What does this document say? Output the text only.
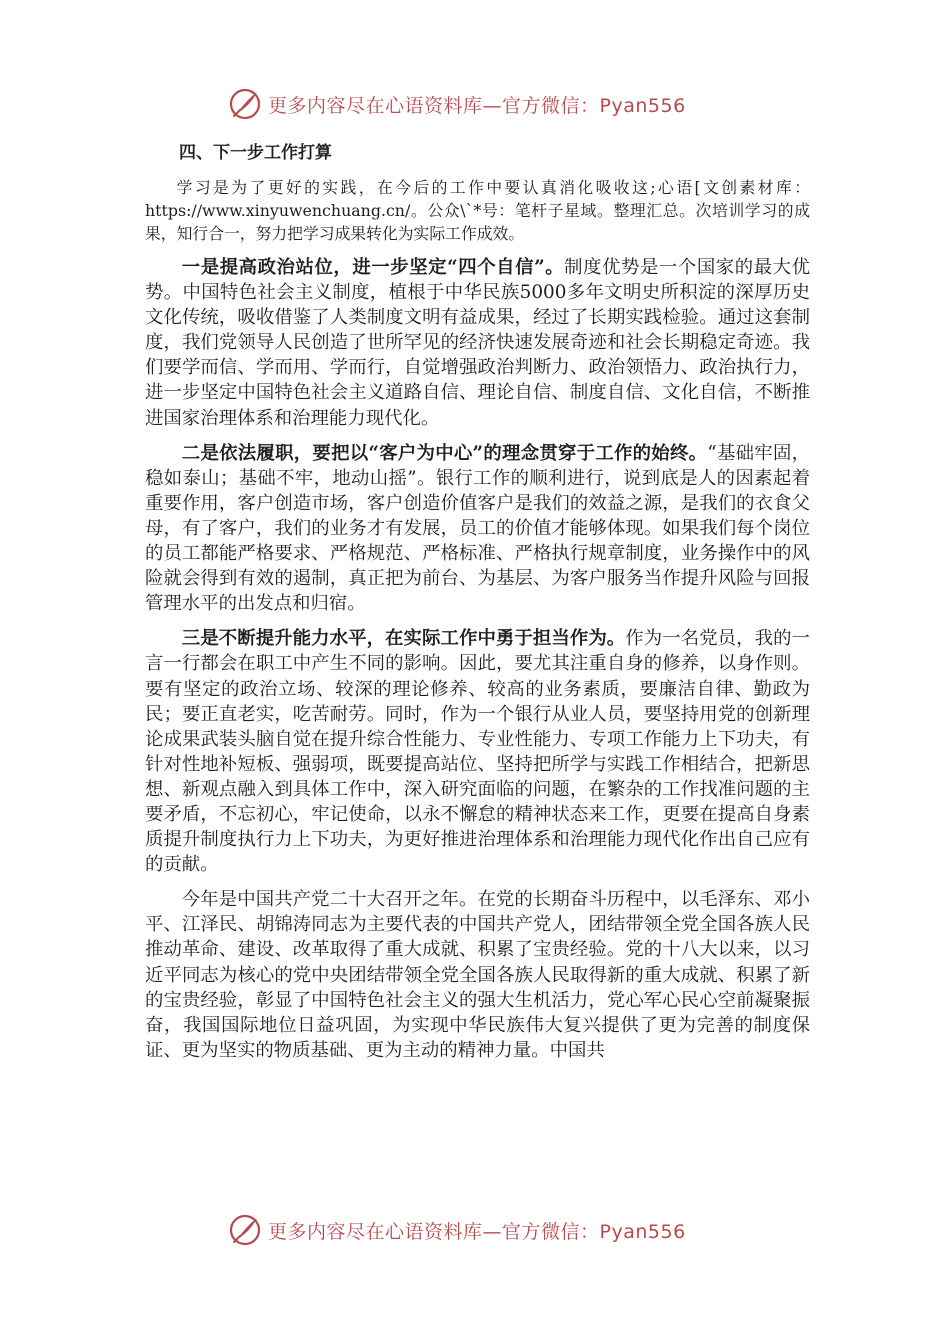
更多内容尽在心语资料库—官方微信：Pyan556
四、下一步工作打算

学习是为了更好的实践，在今后的工作中要认真消化吸收这;心语[文创素材库：https://www.xinyuwenchuang.cn/。公众\`*号：笔杆子星域。整理汇总。次培训学习的成果，知行合一，努力把学习成果转化为实际工作成效。

一是提高政治站位，进一步坚定“四个自信”。制度优势是一个国家的最大优势。中国特色社会主义制度，植根于中华民族5000多年文明史所积淀的深厚历史文化传统，吸收借鉴了人类制度文明有益成果，经过了长期实践检验。通过这套制度，我们党领导人民创造了世所罕见的经济快速发展奇迹和社会长期稳定奇迹。我们要学而信、学而用、学而行，自觉增强政治判断力、政治领悟力、政治执行力，进一步坚定中国特色社会主义道路自信、理论自信、制度自信、文化自信，不断推进国家治理体系和治理能力现代化。

二是依法履职，要把以“客户为中心”的理念贯穿于工作的始终。“基础牢固，稳如泰山；基础不牢，地动山摇”。银行工作的顺利进行，说到底是人的因素起着重要作用，客户创造市场，客户创造价值客户是我们的效益之源，是我们的衣食父母，有了客户，我们的业务才有发展，员工的价值才能够体现。如果我们每个岗位的员工都能严格要求、严格规范、严格标准、严格执行规章制度，业务操作中的风险就会得到有效的遏制，真正把为前台、为基层、为客户服务当作提升风险与回报管理水平的出发点和归宿。

三是不断提升能力水平，在实际工作中勇于担当作为。作为一名党员，我的一言一行都会在职工中产生不同的影响。因此，要尤其注重自身的修养，以身作则。要有坚定的政治立场、较深的理论修养、较高的业务素质，要廉洁自律、勤政为民；要正直老实，吃苦耐劳。同时，作为一个银行从业人员，要坚持用党的创新理论成果武装头脑自觉在提升综合性能力、专业性能力、专项工作能力上下功夫，有针对性地补短板、强弱项，既要提高站位、坚持把所学与实践工作相结合，把新思想、新观点融入到具体工作中，深入研究面临的问题，在繁杂的工作找准问题的主要矛盾，不忘初心，牢记使命，以永不懈怠的精神状态来工作，更要在提高自身素质提升制度执行力上下功夫，为更好推进治理体系和治理能力现代化作出自己应有的贡献。

今年是中国共产党二十大召开之年。在党的长期奋斗历程中，以毛泽东、邓小平、江泽民、胡锦涛同志为主要代表的中国共产党人，团结带领全党全国各族人民推动革命、建设、改革取得了重大成就、积累了宝贵经验。党的十八大以来，以习近平同志为核心的党中央团结带领全党全国各族人民取得新的重大成就、积累了新的宝贵经验，彰显了中国特色社会主义的强大生机活力，党心军心民心空前凝聚振奋，我国国际地位日益巩固，为实现中华民族伟大复兴提供了更为完善的制度保证、更为坚实的物质基础、更为主动的精神力量。中国共

更多内容尽在心语资料库—官方微信：Pyan556
